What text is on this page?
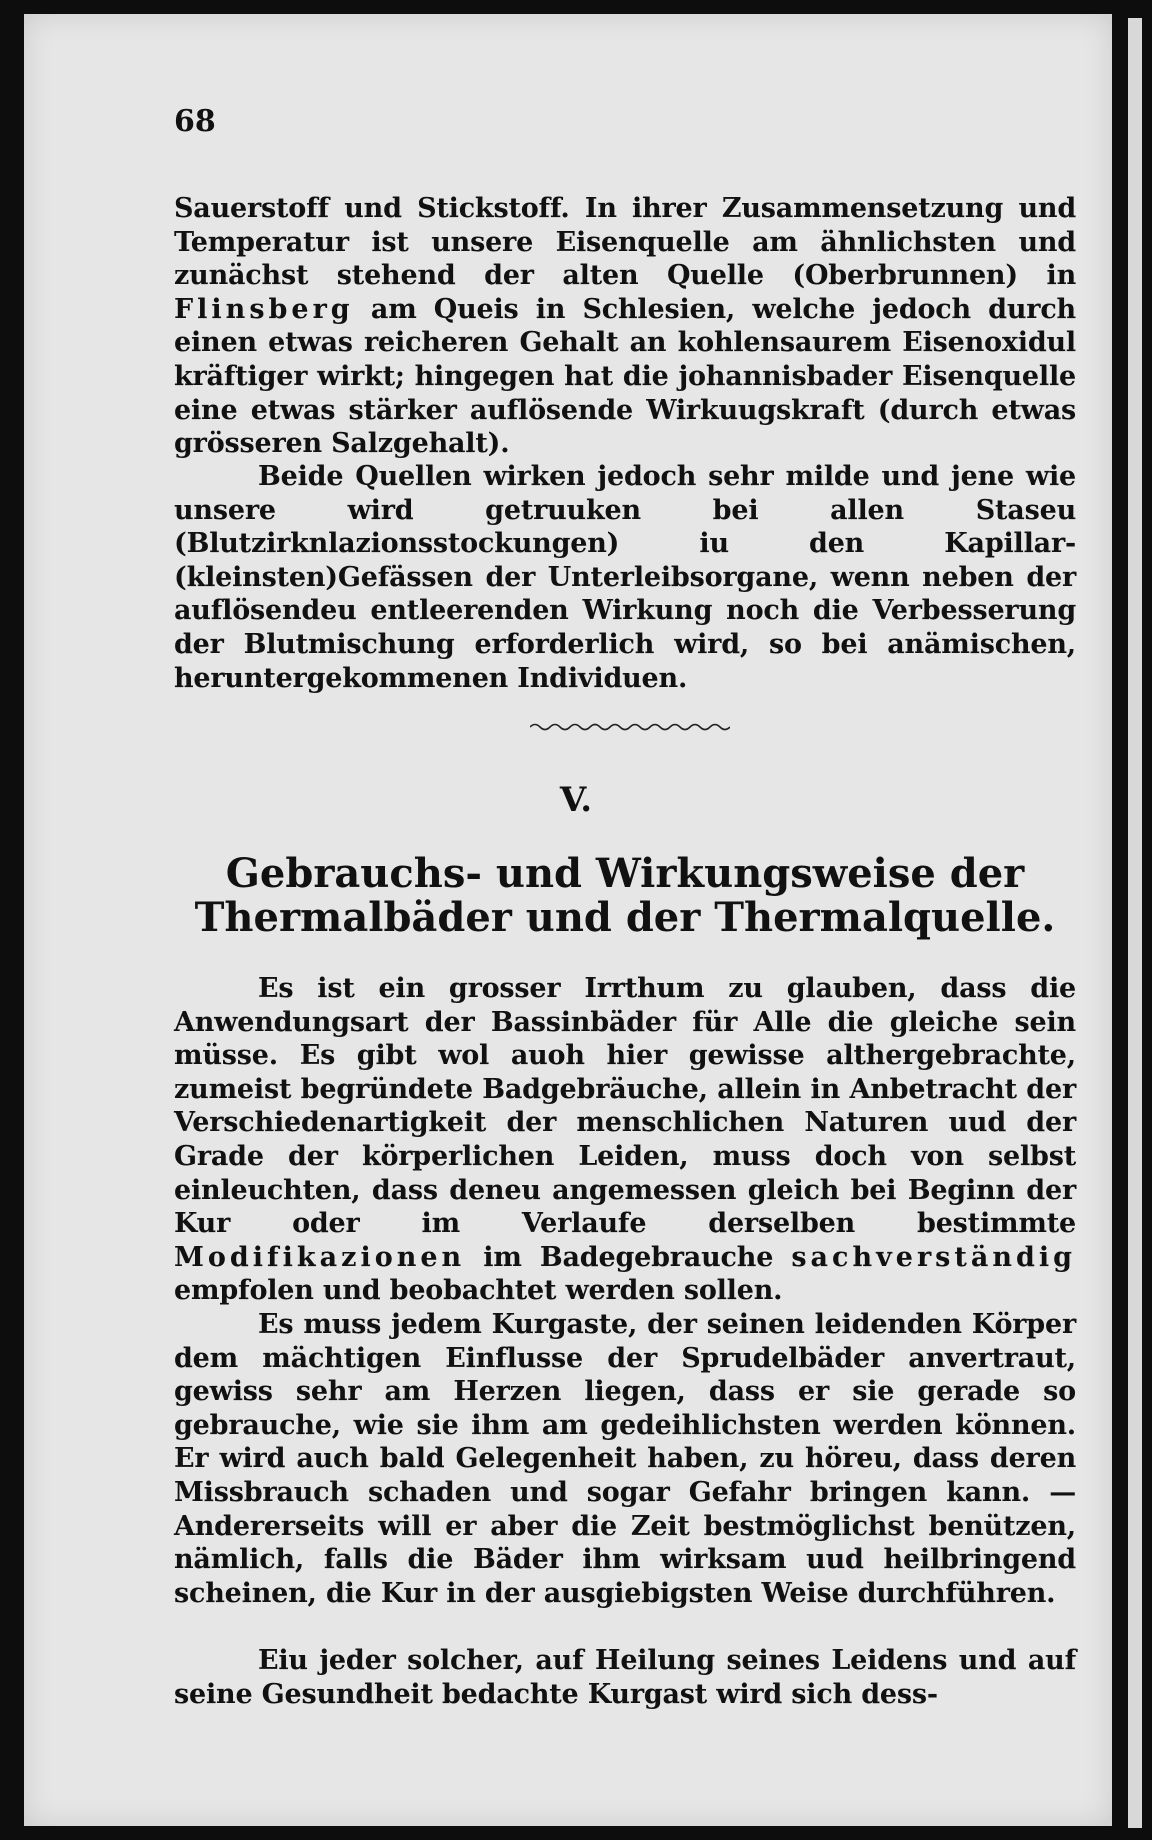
68

Sauerstoff und Stickstoff. In ihrer Zusammensetzung und Temperatur ist unsere Eisenquelle am ähnlichsten und zunächst stehend der alten Quelle (Oberbrunnen) in Flinsberg am Queis in Schlesien, welche jedoch durch einen etwas reicheren Gehalt an kohlensaurem Eisenoxidul kräftiger wirkt; hingegen hat die johannisbader Eisenquelle eine etwas stärker auflösende Wirkuugskraft (durch etwas grösseren Salzgehalt).

Beide Quellen wirken jedoch sehr milde und jene wie unsere wird getruuken bei allen Staseu (Blutzirknlazionsstockungen) iu den Kapillar-(kleinsten)Gefässen der Unterleibsorgane, wenn neben der auflösendeu entleerenden Wirkung noch die Verbesserung der Blutmischung erforderlich wird, so bei anämischen, heruntergekommenen Individuen.

V.
Gebrauchs- und Wirkungsweise der
Thermalbäder und der Thermalquelle.

Es ist ein grosser Irrthum zu glauben, dass die Anwendungsart der Bassinbäder für Alle die gleiche sein müsse. Es gibt wol auoh hier gewisse althergebrachte, zumeist begründete Badgebräuche, allein in Anbetracht der Verschiedenartigkeit der menschlichen Naturen uud der Grade der körperlichen Leiden, muss doch von selbst einleuchten, dass deneu angemessen gleich bei Beginn der Kur oder im Verlaufe derselben bestimmte Modifikazionen im Badegebrauche sachverständig empfolen und beobachtet werden sollen.

Es muss jedem Kurgaste, der seinen leidenden Körper dem mächtigen Einflusse der Sprudelbäder anvertraut, gewiss sehr am Herzen liegen, dass er sie gerade so gebrauche, wie sie ihm am gedeihlichsten werden können. Er wird auch bald Gelegenheit haben, zu höreu, dass deren Missbrauch schaden und sogar Gefahr bringen kann. — Andererseits will er aber die Zeit bestmöglichst benützen, nämlich, falls die Bäder ihm wirksam uud heilbringend scheinen, die Kur in der ausgiebigsten Weise durchführen.

Eiu jeder solcher, auf Heilung seines Leidens und auf seine Gesundheit bedachte Kurgast wird sich dess-
